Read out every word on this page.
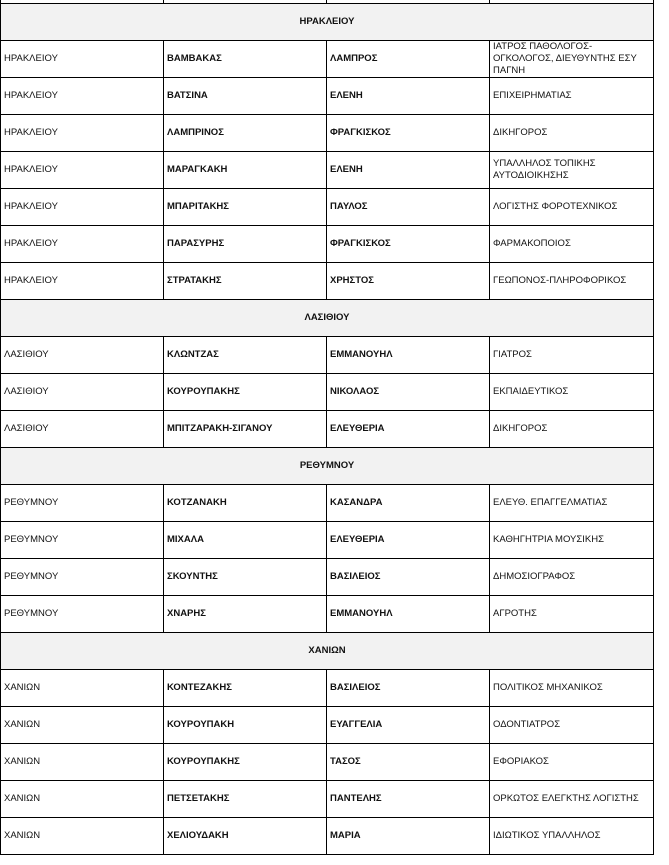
ΗΡΑΚΛΕΙΟΥ			
ΗΡΑΚΛΕΙΟΥ	ΒΑΜΒΑΚΑΣ	ΛΑΜΠΡΟΣ	ΙΑΤΡΟΣ ΠΑΘΟΛΟΓΟΣ-ΟΓΚΟΛΟΓΟΣ, ΔΙΕΥΘΥΝΤΗΣ ΕΣΥ ΠΑΓΝΗ
ΗΡΑΚΛΕΙΟΥ	ΒΑΤΣΙΝΑ	ΕΛΕΝΗ	ΕΠΙΧΕΙΡΗΜΑΤΙΑΣ
ΗΡΑΚΛΕΙΟΥ	ΛΑΜΠΡΙΝΟΣ	ΦΡΑΓΚΙΣΚΟΣ	ΔΙΚΗΓΟΡΟΣ
ΗΡΑΚΛΕΙΟΥ	ΜΑΡΑΓΚΑΚΗ	ΕΛΕΝΗ	ΥΠΑΛΛΗΛΟΣ ΤΟΠΙΚΗΣ ΑΥΤΟΔΙΟΙΚΗΣΗΣ
ΗΡΑΚΛΕΙΟΥ	ΜΠΑΡΙΤΑΚΗΣ	ΠΑΥΛΟΣ	ΛΟΓΙΣΤΗΣ ΦΟΡΟΤΕΧΝΙΚΟΣ
ΗΡΑΚΛΕΙΟΥ	ΠΑΡΑΣΥΡΗΣ	ΦΡΑΓΚΙΣΚΟΣ	ΦΑΡΜΑΚΟΠΟΙΟΣ
ΗΡΑΚΛΕΙΟΥ	ΣΤΡΑΤΑΚΗΣ	ΧΡΗΣΤΟΣ	ΓΕΩΠΟΝΟΣ-ΠΛΗΡΟΦΟΡΙΚΟΣ
ΛΑΣΙΘΙΟΥ			
ΛΑΣΙΘΙΟΥ	ΚΛΩΝΤΖΑΣ	ΕΜΜΑΝΟΥΗΛ	ΓΙΑΤΡΟΣ
ΛΑΣΙΘΙΟΥ	ΚΟΥΡΟΥΠΑΚΗΣ	ΝΙΚΟΛΑΟΣ	ΕΚΠΑΙΔΕΥΤΙΚΟΣ
ΛΑΣΙΘΙΟΥ	ΜΠΙΤΖΑΡΑΚΗ-ΣΙΓΑΝΟΥ	ΕΛΕΥΘΕΡΙΑ	ΔΙΚΗΓΟΡΟΣ
ΡΕΘΥΜΝΟΥ			
ΡΕΘΥΜΝΟΥ	ΚΟΤΖΑΝΑΚΗ	ΚΑΣΑΝΔΡΑ	ΕΛΕΥΘ. ΕΠΑΓΓΕΛΜΑΤΙΑΣ
ΡΕΘΥΜΝΟΥ	ΜΙΧΑΛΑ	ΕΛΕΥΘΕΡΙΑ	ΚΑΘΗΓΗΤΡΙΑ ΜΟΥΣΙΚΗΣ
ΡΕΘΥΜΝΟΥ	ΣΚΟΥΝΤΗΣ	ΒΑΣΙΛΕΙΟΣ	ΔΗΜΟΣΙΟΓΡΑΦΟΣ
ΡΕΘΥΜΝΟΥ	ΧΝΑΡΗΣ	ΕΜΜΑΝΟΥΗΛ	ΑΓΡΟΤΗΣ
ΧΑΝΙΩΝ			
ΧΑΝΙΩΝ	ΚΟΝΤΕΖΑΚΗΣ	ΒΑΣΙΛΕΙΟΣ	ΠΟΛΙΤΙΚΟΣ ΜΗΧΑΝΙΚΟΣ
ΧΑΝΙΩΝ	ΚΟΥΡΟΥΠΑΚΗ	ΕΥΑΓΓΕΛΙΑ	ΟΔΟΝΤΙΑΤΡΟΣ
ΧΑΝΙΩΝ	ΚΟΥΡΟΥΠΑΚΗΣ	ΤΑΣΟΣ	ΕΦΟΡΙΑΚΟΣ
ΧΑΝΙΩΝ	ΠΕΤΣΕΤΑΚΗΣ	ΠΑΝΤΕΛΗΣ	ΟΡΚΩΤΟΣ ΕΛΕΓΚΤΗΣ ΛΟΓΙΣΤΗΣ
ΧΑΝΙΩΝ	ΧΕΛΙΟΥΔΑΚΗ	ΜΑΡΙΑ	ΙΔΙΩΤΙΚΟΣ ΥΠΑΛΛΗΛΟΣ
